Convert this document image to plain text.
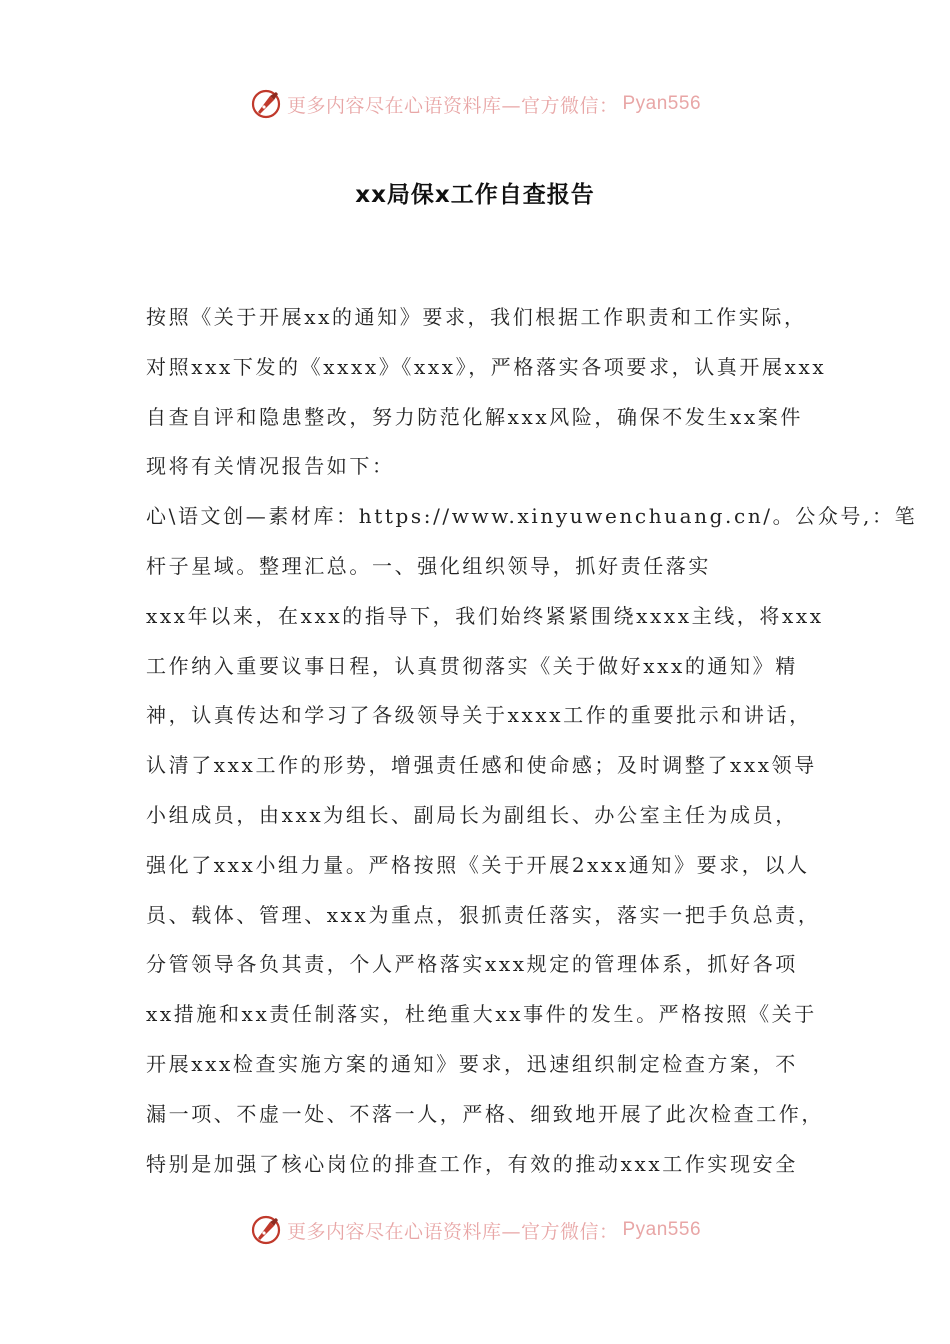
更多内容尽在心语资料库—官方微信： Pyan556
xx局保x工作自查报告
按照《关于开展xx的通知》要求，我们根据工作职责和工作实际，
对照xxx下发的《xxxx》《xxx》，严格落实各项要求，认真开展xxx
自查自评和隐患整改，努力防范化解xxx风险，确保不发生xx案件
现将有关情况报告如下：
心\语文创—素材库：https://www.xinyuwenchuang.cn/。公众号,：笔
杆子星域。整理汇总。一、强化组织领导，抓好责任落实
xxx年以来，在xxx的指导下，我们始终紧紧围绕xxxx主线，将xxx
工作纳入重要议事日程，认真贯彻落实《关于做好xxx的通知》精
神，认真传达和学习了各级领导关于xxxx工作的重要批示和讲话，
认清了xxx工作的形势，增强责任感和使命感；及时调整了xxx领导
小组成员，由xxx为组长、副局长为副组长、办公室主任为成员，
强化了xxx小组力量。严格按照《关于开展2xxx通知》要求，以人
员、载体、管理、xxx为重点，狠抓责任落实，落实一把手负总责，
分管领导各负其责，个人严格落实xxx规定的管理体系，抓好各项
xx措施和xx责任制落实，杜绝重大xx事件的发生。严格按照《关于
开展xxx检查实施方案的通知》要求，迅速组织制定检查方案，不
漏一项、不虚一处、不落一人，严格、细致地开展了此次检查工作，
特别是加强了核心岗位的排查工作，有效的推动xxx工作实现安全
更多内容尽在心语资料库—官方微信： Pyan556
